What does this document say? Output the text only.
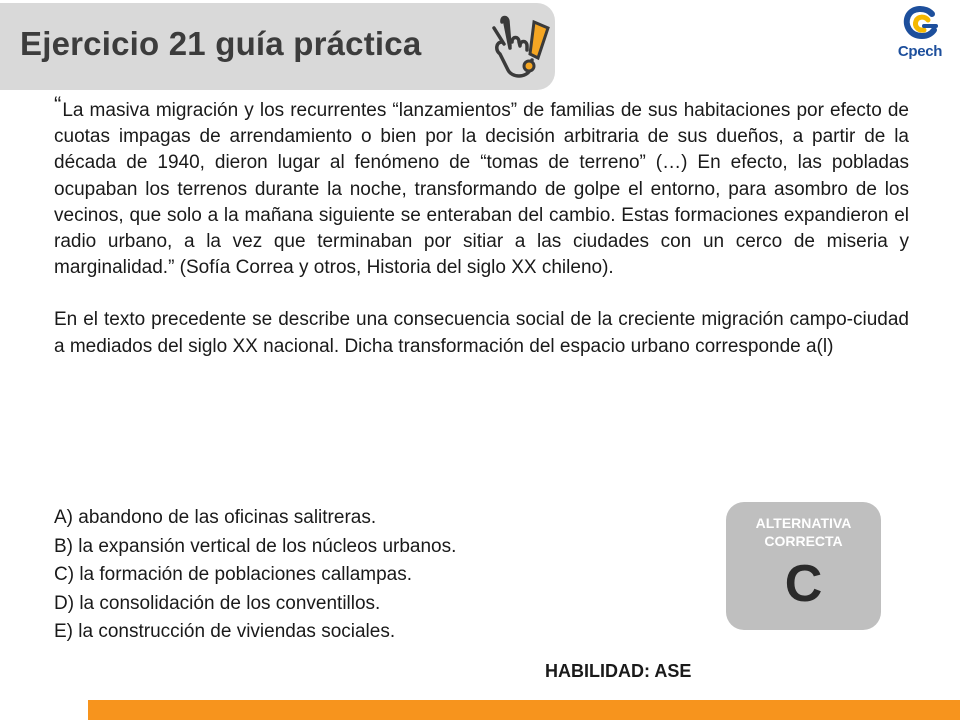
Ejercicio 21 guía práctica	Cpech

“La masiva migración y los recurrentes “lanzamientos” de familias de sus habitaciones por efecto de cuotas impagas de arrendamiento o bien por la decisión arbitraria de sus dueños, a partir de la década de 1940, dieron lugar al fenómeno de “tomas de terreno” (…) En efecto, las pobladas ocupaban los terrenos durante la noche, transformando de golpe el entorno, para asombro de los vecinos, que solo a la mañana siguiente se enteraban del cambio. Estas formaciones expandieron el radio urbano, a la vez que terminaban por sitiar a las ciudades con un cerco de miseria y marginalidad.” (Sofía Correa y otros, Historia del siglo XX chileno).

En el texto precedente se describe una consecuencia social de la creciente migración campo-ciudad a mediados del siglo XX nacional. Dicha transformación del espacio urbano corresponde a(l)

A) abandono de las oficinas salitreras.
B) la expansión vertical de los núcleos urbanos.
C) la formación de poblaciones callampas.
D) la consolidación de los conventillos.
E) la construcción de viviendas sociales.
ALTERNATIVA
CORRECTA
C
HABILIDAD: ASE
